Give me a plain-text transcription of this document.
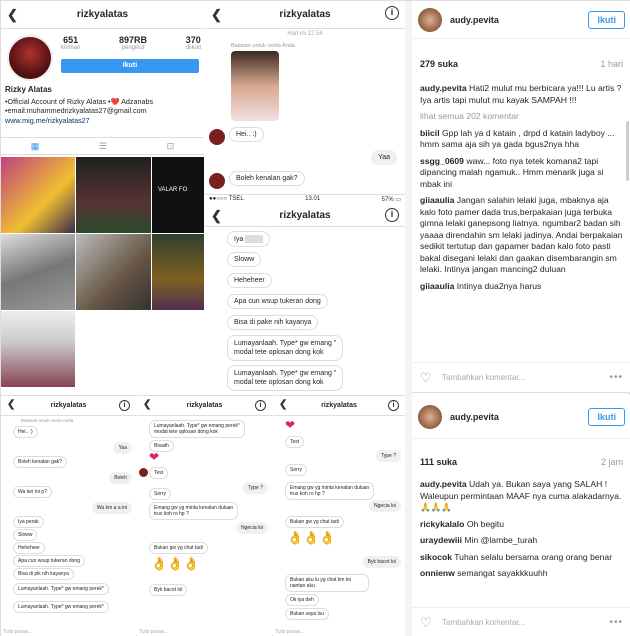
❮	rizkyalatas
651
kiriman
897RB
pengikut
370
diikuti
Ikuti
Rizky Alatas
•Official Account of Rizky Alatas •❤️ Adzanabs
•email:muhammedrizkyalatas27@gmail.com
www.mig.me/rizkyalatas27
▦	☰	⊡
VALAR FO
❮	rizkyalatas	i
Hari ini 12.54
Balasan untuk cerita Anda
Hei.. :)
Yaa
Boleh kenalan gak?
●●○○○ TSEL	13.01	57% ▭
❮	rizkyalatas	i
Iya
Sloww
Heheheer
Apa cun wsup tukeran dong
Bisa di pake nih kayanya
Lumayanlaah. Type* gw emang "
modal tete oplosan dong kok
Lumayanlaah. Type* gw emang "
modal tete oplosan dong kok
❮	rizkyalatas	i
Balasan untuk cerita Anda
Hei.. :)
Yaa
Boleh kenalan gak?
Boleh
Wa ker loi p?
Wa km a a ini
Iya perak
Sloww
Heheheer
Apa cun wsup tukeran dong
Bisa di pik nih kayanya
Lumayanlaah. Type* gw emang perek*
Lumayanlaah. Type* gw emang perek*
Tulis pesan...
❮	rizkyalatas	i
Lumayanlaah. Type* gw emang perek*
modal tete oplosan dong kok
Bisaiih
❤
Test
Sorry
Type ?
Emang gw yg minta kenalan duluan
trus koh ro hp ?
Ngecia loi
Bukan gw yg chat tadi
👌👌👌
Byk bacot lol
Tulis pesan...
❮	rizkyalatas	i
❤
Test
Type ?
Sorry
Emang gw yg minta kenalan duluan
trus koh ro hp ?
Ngecia loi
Bukan gw yg chat tadi
👌👌👌
Byk bacot lol
Bukan aku lu yg chat km ko nantan aku
Ok iya deh
Bukan saya lsu
Tulis pesan...
audy.pevita	Ikuti
279 suka	1 hari

audy.pevita Hati2 mulut mu berbicara ya!!! Lu artis ? Iya artis tapi mulut mu kayak SAMPAH !!!

lihat semua 202 komentar

biicil Gpp lah ya d katain , drpd d katain ladyboy ... hmm sama aja sih ya gada bgus2nya hha

ssgg_0609 waw... foto nya tetek komana2 tapi dipancing malah ngamuk.. Hmm menarik juga si mbak ini

giiaaulia Jangan salahin lelaki juga, mbaknya aja kalo foto pamer dada trus,berpakaian juga terbuka gimna lelaki ganepsong liatnya. ngumbar2 badan sih yaaaa direndahin sm lelaki jadinya. Andai berpakaian sedikit tertutup dan gapamer badan kalo foto pasti bakal disegani lelaki dan gaakan disembarangin sm lelaki. Intinya jangan mancing2 duluan

giiaaulia Intinya dua2nya harus

♡ Tambahkan komentar...	•••
audy.pevita	Ikuti
111 suka	2 jam

audy.pevita Udah ya. Bukan saya yang SALAH ! Waleupun permintaan MAAF nya cuma alakadarnya. 🙏🙏🙏

rickykalalo Oh begitu

uraydewiii Min @lambe_turah

sikocok Tuhan selalu bersama orang orang benar

onnienw semangat sayakkkuuhh

♡ Tambahkan komentar...	•••
